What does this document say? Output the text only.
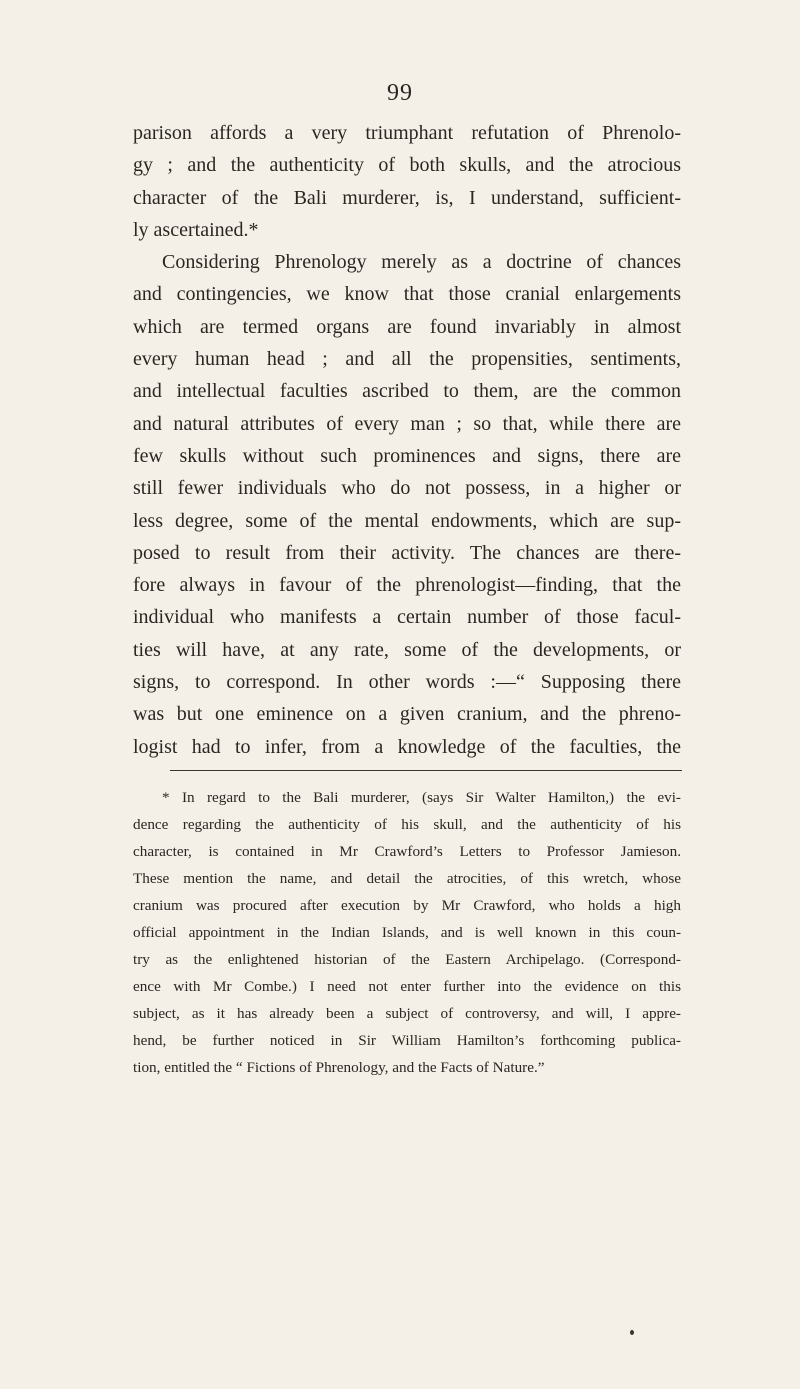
99
parison affords a very triumphant refutation of Phrenolo-
gy ; and the authenticity of both skulls, and the atrocious
character of the Bali murderer, is, I understand, sufficient-
ly ascertained.*
Considering Phrenology merely as a doctrine of chances
and contingencies, we know that those cranial enlargements
which are termed organs are found invariably in almost
every human head ; and all the propensities, sentiments,
and intellectual faculties ascribed to them, are the common
and natural attributes of every man ; so that, while there are
few skulls without such prominences and signs, there are
still fewer individuals who do not possess, in a higher or
less degree, some of the mental endowments, which are sup-
posed to result from their activity. The chances are there-
fore always in favour of the phrenologist—finding, that the
individual who manifests a certain number of those facul-
ties will have, at any rate, some of the developments, or
signs, to correspond. In other words :—“ Supposing there
was but one eminence on a given cranium, and the phreno-
logist had to infer, from a knowledge of the faculties, the
* In regard to the Bali murderer, (says Sir Walter Hamilton,) the evi-
dence regarding the authenticity of his skull, and the authenticity of his
character, is contained in Mr Crawford’s Letters to Professor Jamieson.
These mention the name, and detail the atrocities, of this wretch, whose
cranium was procured after execution by Mr Crawford, who holds a high
official appointment in the Indian Islands, and is well known in this coun-
try as the enlightened historian of the Eastern Archipelago. (Correspond-
ence with Mr Combe.) I need not enter further into the evidence on this
subject, as it has already been a subject of controversy, and will, I appre-
hend, be further noticed in Sir William Hamilton’s forthcoming publica-
tion, entitled the “ Fictions of Phrenology, and the Facts of Nature.”
